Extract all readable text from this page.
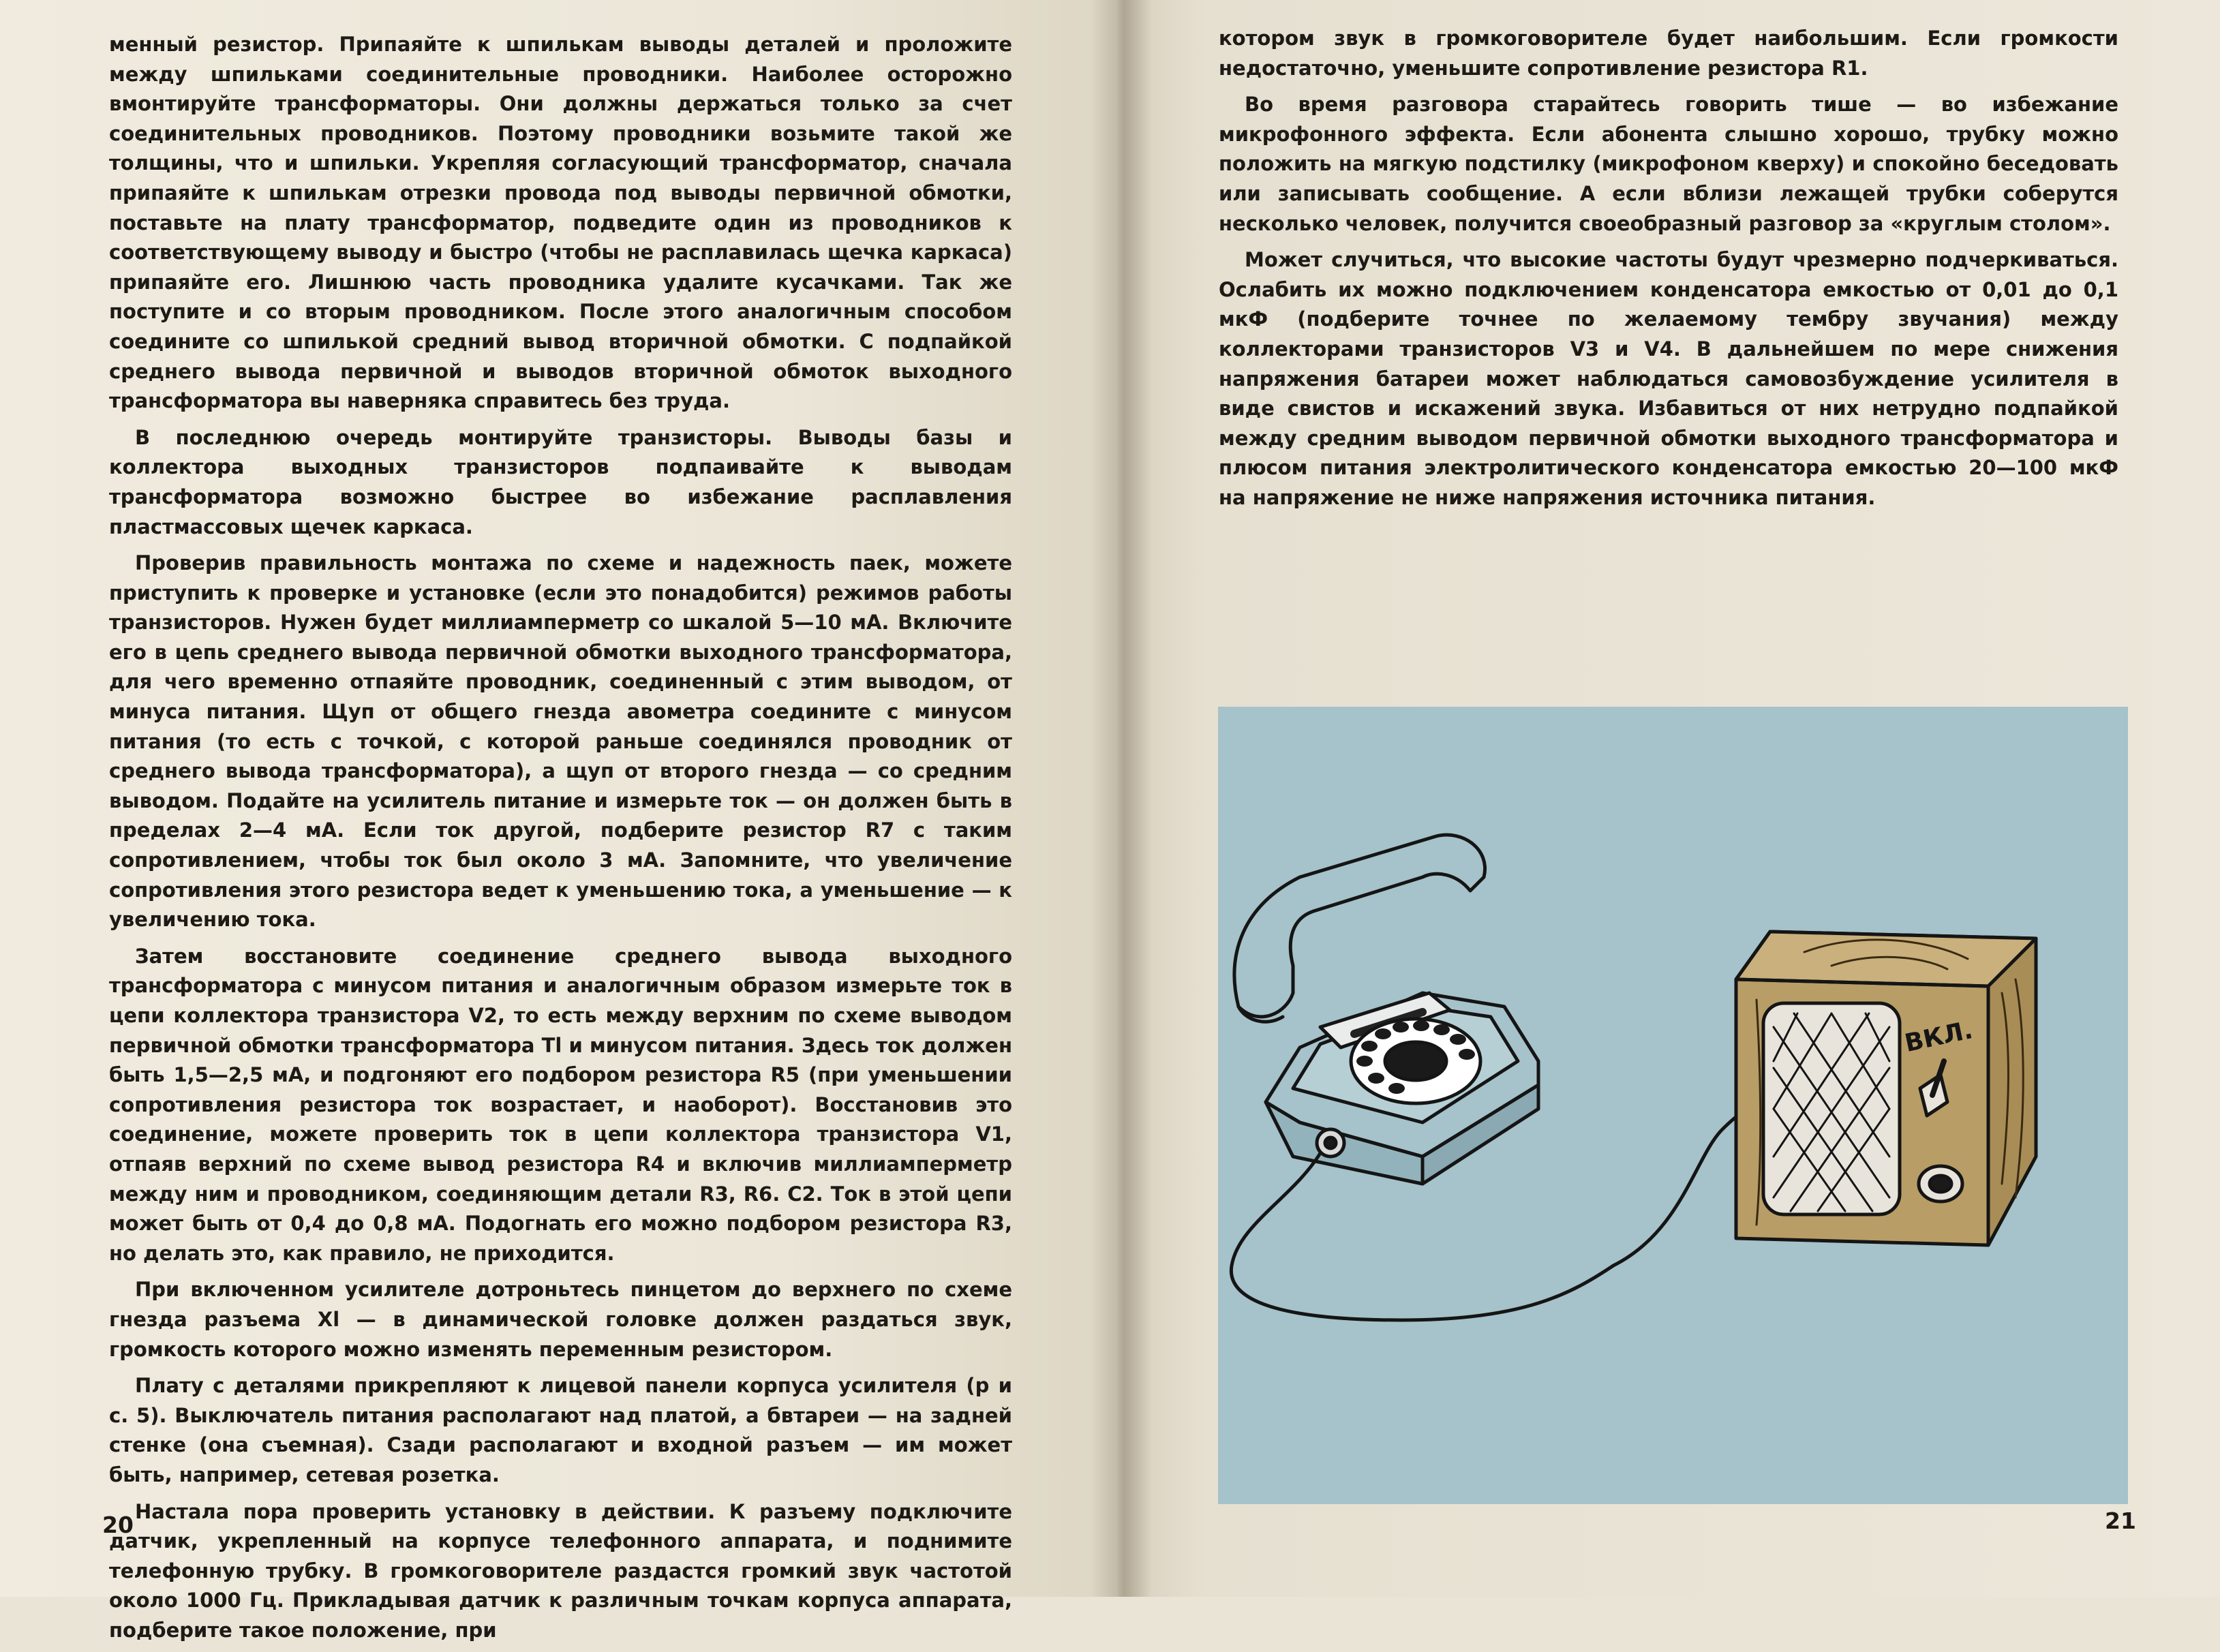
менный резистор. Припаяйте к шпилькам выводы деталей и проложите между шпильками соединительные проводники. Наиболее осторожно вмонтируйте трансформаторы. Они должны держаться только за счет соединительных проводников. Поэтому проводники возьмите такой же толщины, что и шпильки. Укрепляя согласующий трансформатор, сначала припаяйте к шпилькам отрезки провода под выводы первичной обмотки, поставьте на плату трансформатор, подведите один из проводников к соответствующему выводу и быстро (чтобы не расплавилась щечка каркаса) припаяйте его. Лишнюю часть проводника удалите кусачками. Так же поступите и со вторым проводником. После этого аналогичным способом соедините со шпилькой средний вывод вторичной обмотки. С подпайкой среднего вывода первичной и выводов вторичной обмоток выходного трансформатора вы наверняка справитесь без труда.

В последнюю очередь монтируйте транзисторы. Выводы базы и коллектора выходных транзисторов подпаивайте к выводам трансформатора возможно быстрее во избежание расплавления пластмассовых щечек каркаса.

Проверив правильность монтажа по схеме и надежность паек, можете приступить к проверке и установке (если это понадобится) режимов работы транзисторов. Нужен будет миллиамперметр со шкалой 5—10 мА. Включите его в цепь среднего вывода первичной обмотки выходного трансформатора, для чего временно отпаяйте проводник, соединенный с этим выводом, от минуса питания. Щуп от общего гнезда авометра соедините с минусом питания (то есть с точкой, с которой раньше соединялся проводник от среднего вывода трансформатора), а щуп от второго гнезда — со средним выводом. Подайте на усилитель питание и измерьте ток — он должен быть в пределах 2—4 мА. Если ток другой, подберите резистор R7 с таким сопротивлением, чтобы ток был около 3 мА. Запомните, что увеличение сопротивления этого резистора ведет к уменьшению тока, а уменьшение — к увеличению тока.

Затем восстановите соединение среднего вывода выходного трансформатора с минусом питания и аналогичным образом измерьте ток в цепи коллектора транзистора V2, то есть между верхним по схеме выводом первичной обмотки трансформатора Tl и минусом питания. Здесь ток должен быть 1,5—2,5 мА, и подгоняют его подбором резистора R5 (при уменьшении сопротивления резистора ток возрастает, и наоборот). Восстановив это соединение, можете проверить ток в цепи коллектора транзистора V1, отпаяв верхний по схеме вывод резистора R4 и включив миллиамперметр между ним и проводником, соединяющим детали R3, R6. C2. Ток в этой цепи может быть от 0,4 до 0,8 мА. Подогнать его можно подбором резистора R3, но делать это, как правило, не приходится.

При включенном усилителе дотроньтесь пинцетом до верхнего по схеме гнезда разъема Xl — в динамической головке должен раздаться звук, громкость которого можно изменять переменным резистором.

Плату с деталями прикрепляют к лицевой панели корпуса усилителя (р и с. 5). Выключатель питания располагают над платой, а бвтареи — на задней стенке (она съемная). Сзади располагают и входной разъем — им может быть, например, сетевая розетка.

Настала пора проверить установку в действии. К разъему подключите датчик, укрепленный на корпусе телефонного аппарата, и поднимите телефонную трубку. В громкоговорителе раздастся громкий звук частотой около 1000 Гц. Прикладывая датчик к различным точкам корпуса аппарата, подберите такое положение, при

20

котором звук в громкоговорителе будет наибольшим. Если громкости недостаточно, уменьшите сопротивление резистора R1.

Во время разговора старайтесь говорить тише — во избежание микрофонного эффекта. Если абонента слышно хорошо, трубку можно положить на мягкую подстилку (микрофоном кверху) и спокойно беседовать или записывать сообщение. А если вблизи лежащей трубки соберутся несколько человек, получится своеобразный разговор за «круглым столом».

Может случиться, что высокие частоты будут чрезмерно подчеркиваться. Ослабить их можно подключением конденсатора емкостью от 0,01 до 0,1 мкФ (подберите точнее по желаемому тембру звучания) между коллекторами транзисторов V3 и V4. В дальнейшем по мере снижения напряжения батареи может наблюдаться самовозбуждение усилителя в виде свистов и искажений звука. Избавиться от них нетрудно подпайкой между средним выводом первичной обмотки выходного трансформатора и плюсом питания электролитического конденсатора емкостью 20—100 мкФ на напряжение не ниже напряжения источника питания.

ВКЛ.
21
